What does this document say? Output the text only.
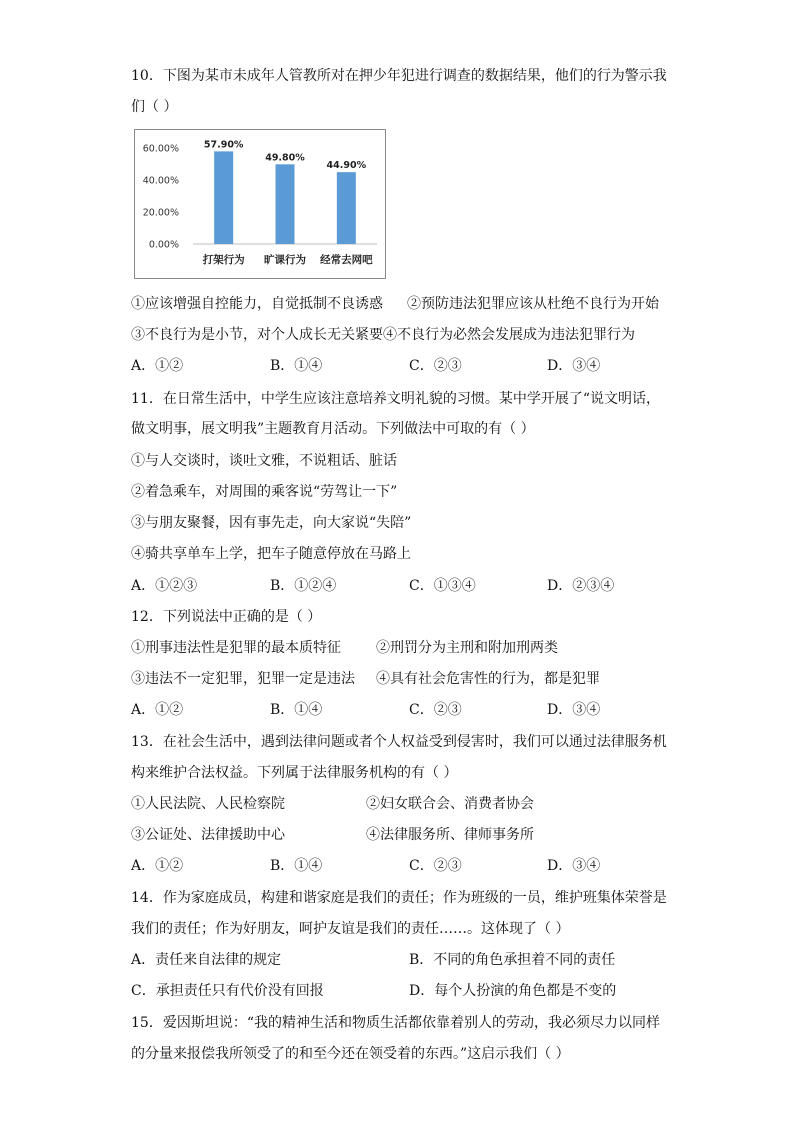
10．下图为某市未成年人管教所对在押少年犯进行调查的数据结果，他们的行为警示我
们（ ）
0.00%
20.00%
40.00%
60.00%	57.90%
打架行为
49.80%
旷课行为
44.90%
经常去网吧
①应该增强自控能力，自觉抵制不良诱惑 ②预防违法犯罪应该从杜绝不良行为开始
③不良行为是小节，对个人成长无关紧要④不良行为必然会发展成为违法犯罪行为
A．①②	B．①④	C．②③	D．③④
11．在日常生活中，中学生应该注意培养文明礼貌的习惯。某中学开展了“说文明话，
做文明事，展文明我”主题教育月活动。下列做法中可取的有（ ）
①与人交谈时，谈吐文雅，不说粗话、脏话
②着急乘车，对周围的乘客说“劳驾让一下”
③与朋友聚餐，因有事先走，向大家说“失陪”
④骑共享单车上学，把车子随意停放在马路上
A．①②③	B．①②④	C．①③④	D．②③④
12．下列说法中正确的是（ ）
①刑事违法性是犯罪的最本质特征	②刑罚分为主刑和附加刑两类
③违法不一定犯罪，犯罪一定是违法 ④具有社会危害性的行为，都是犯罪
A．①②	B．①④	C．②③	D．③④
13．在社会生活中，遇到法律问题或者个人权益受到侵害时，我们可以通过法律服务机
构来维护合法权益。下列属于法律服务机构的有（ ）
①人民法院、人民检察院	②妇女联合会、消费者协会
③公证处、法律援助中心	④法律服务所、律师事务所
A．①②	B．①④	C．②③	D．③④
14．作为家庭成员，构建和谐家庭是我们的责任；作为班级的一员，维护班集体荣誉是
我们的责任；作为好朋友，呵护友谊是我们的责任……。这体现了（ ）
A．责任来自法律的规定	B．不同的角色承担着不同的责任
C．承担责任只有代价没有回报	D．每个人扮演的角色都是不变的
15．爱因斯坦说：“我的精神生活和物质生活都依靠着别人的劳动，我必须尽力以同样
的分量来报偿我所领受了的和至今还在领受着的东西。”这启示我们（ ）
